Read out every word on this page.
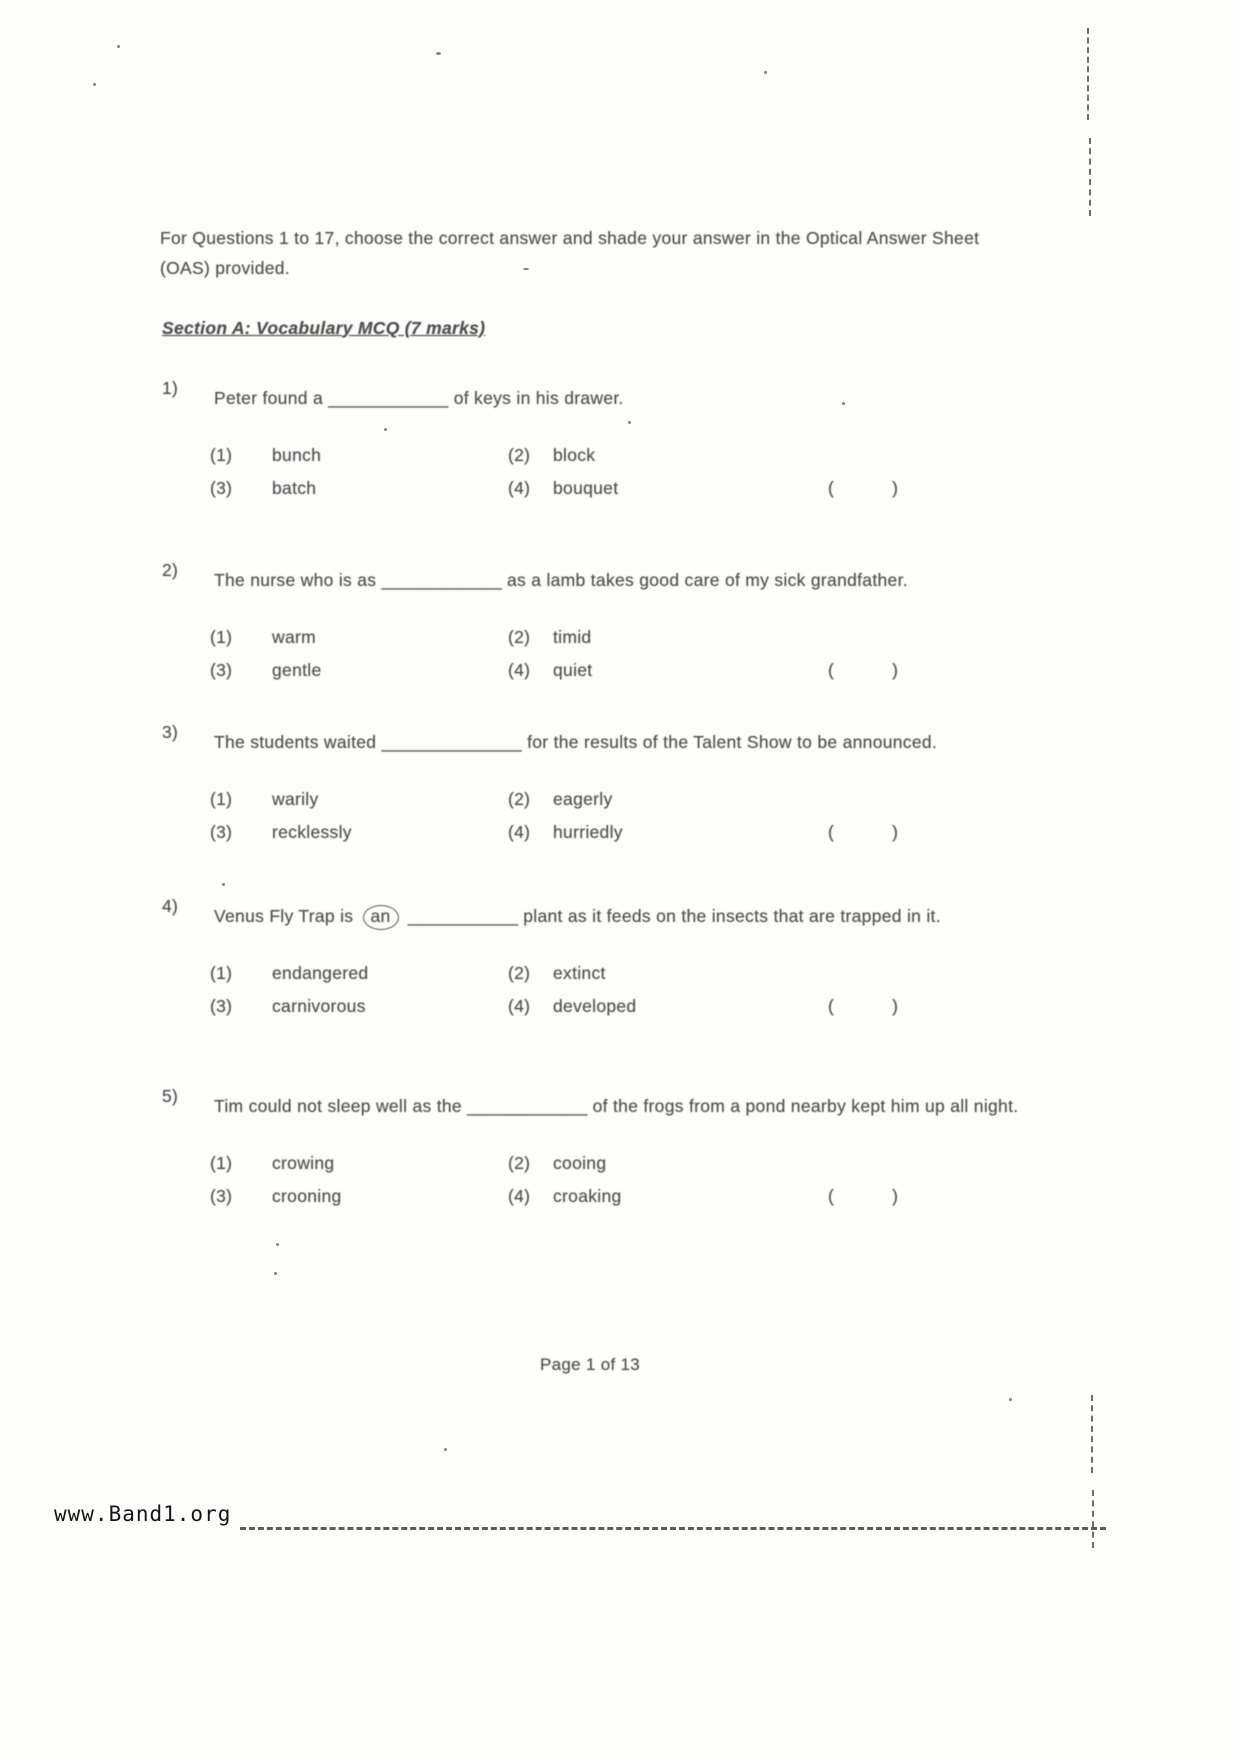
For Questions 1 to 17, choose the correct answer and shade your answer in the Optical Answer Sheet (OAS) provided.

Section A: Vocabulary MCQ (7 marks)
1)	Peter found a ____________ of keys in his drawer.
(1)	bunch	(2)	block
(3)	batch	(4)	bouquet	(	)
2)	The nurse who is as ____________ as a lamb takes good care of my sick grandfather.
(1)	warm	(2)	timid
(3)	gentle	(4)	quiet	(	)
3)	The students waited ______________ for the results of the Talent Show to be announced.
(1)	warily	(2)	eagerly
(3)	recklessly	(4)	hurriedly	(	)
4)	Venus Fly Trap is an ___________ plant as it feeds on the insects that are trapped in it.
(1)	endangered	(2)	extinct
(3)	carnivorous	(4)	developed	(	)
5)	Tim could not sleep well as the ____________ of the frogs from a pond nearby kept him up all night.
(1)	crowing	(2)	cooing
(3)	crooning	(4)	croaking	(	)
Page 1 of 13
www.Band1.org
